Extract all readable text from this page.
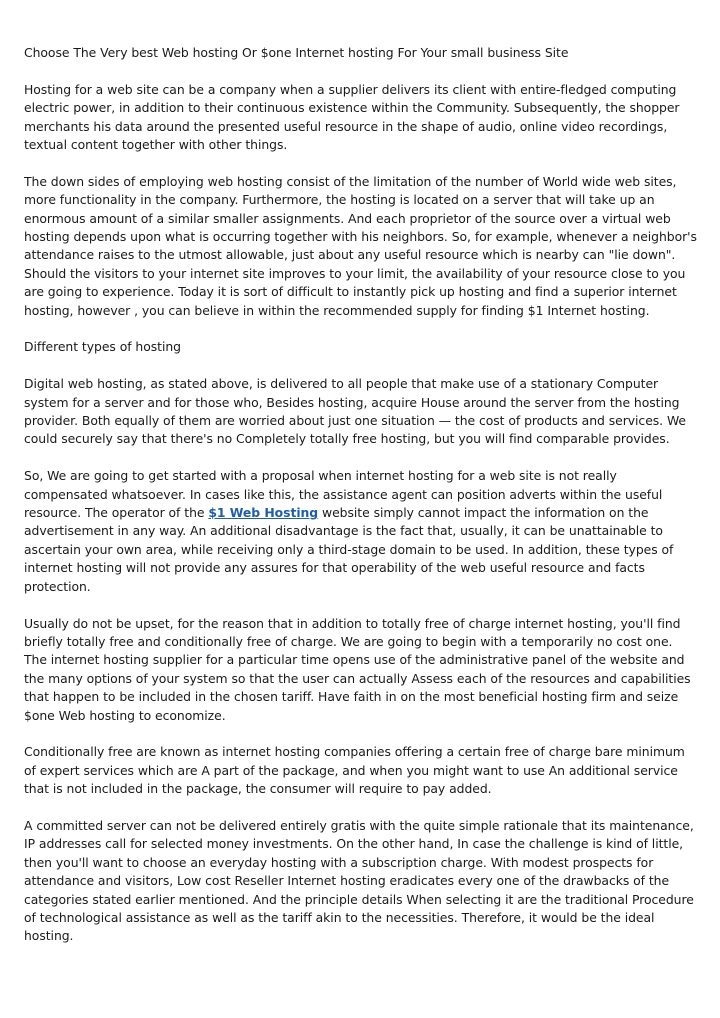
Choose The Very best Web hosting Or $one Internet hosting For Your small business Site

Hosting for a web site can be a company when a supplier delivers its client with entire-fledged computing electric power, in addition to their continuous existence within the Community. Subsequently, the shopper merchants his data around the presented useful resource in the shape of audio, online video recordings, textual content together with other things.

The down sides of employing web hosting consist of the limitation of the number of World wide web sites, more functionality in the company. Furthermore, the hosting is located on a server that will take up an enormous amount of a similar smaller assignments. And each proprietor of the source over a virtual web hosting depends upon what is occurring together with his neighbors. So, for example, whenever a neighbor's attendance raises to the utmost allowable, just about any useful resource which is nearby can "lie down". Should the visitors to your internet site improves to your limit, the availability of your resource close to you are going to experience. Today it is sort of difficult to instantly pick up hosting and find a superior internet hosting, however , you can believe in within the recommended supply for finding $1 Internet hosting.

Different types of hosting

Digital web hosting, as stated above, is delivered to all people that make use of a stationary Computer system for a server and for those who, Besides hosting, acquire House around the server from the hosting provider. Both equally of them are worried about just one situation — the cost of products and services. We could securely say that there's no Completely totally free hosting, but you will find comparable provides.

So, We are going to get started with a proposal when internet hosting for a web site is not really compensated whatsoever. In cases like this, the assistance agent can position adverts within the useful resource. The operator of the $1 Web Hosting website simply cannot impact the information on the advertisement in any way. An additional disadvantage is the fact that, usually, it can be unattainable to ascertain your own area, while receiving only a third-stage domain to be used. In addition, these types of internet hosting will not provide any assures for that operability of the web useful resource and facts protection.

Usually do not be upset, for the reason that in addition to totally free of charge internet hosting, you'll find briefly totally free and conditionally free of charge. We are going to begin with a temporarily no cost one. The internet hosting supplier for a particular time opens use of the administrative panel of the website and the many options of your system so that the user can actually Assess each of the resources and capabilities that happen to be included in the chosen tariff. Have faith in on the most beneficial hosting firm and seize $one Web hosting to economize.

Conditionally free are known as internet hosting companies offering a certain free of charge bare minimum of expert services which are A part of the package, and when you might want to use An additional service that is not included in the package, the consumer will require to pay added.

A committed server can not be delivered entirely gratis with the quite simple rationale that its maintenance, IP addresses call for selected money investments. On the other hand, In case the challenge is kind of little, then you'll want to choose an everyday hosting with a subscription charge. With modest prospects for attendance and visitors, Low cost Reseller Internet hosting eradicates every one of the drawbacks of the categories stated earlier mentioned. And the principle details When selecting it are the traditional Procedure of technological assistance as well as the tariff akin to the necessities. Therefore, it would be the ideal hosting.
